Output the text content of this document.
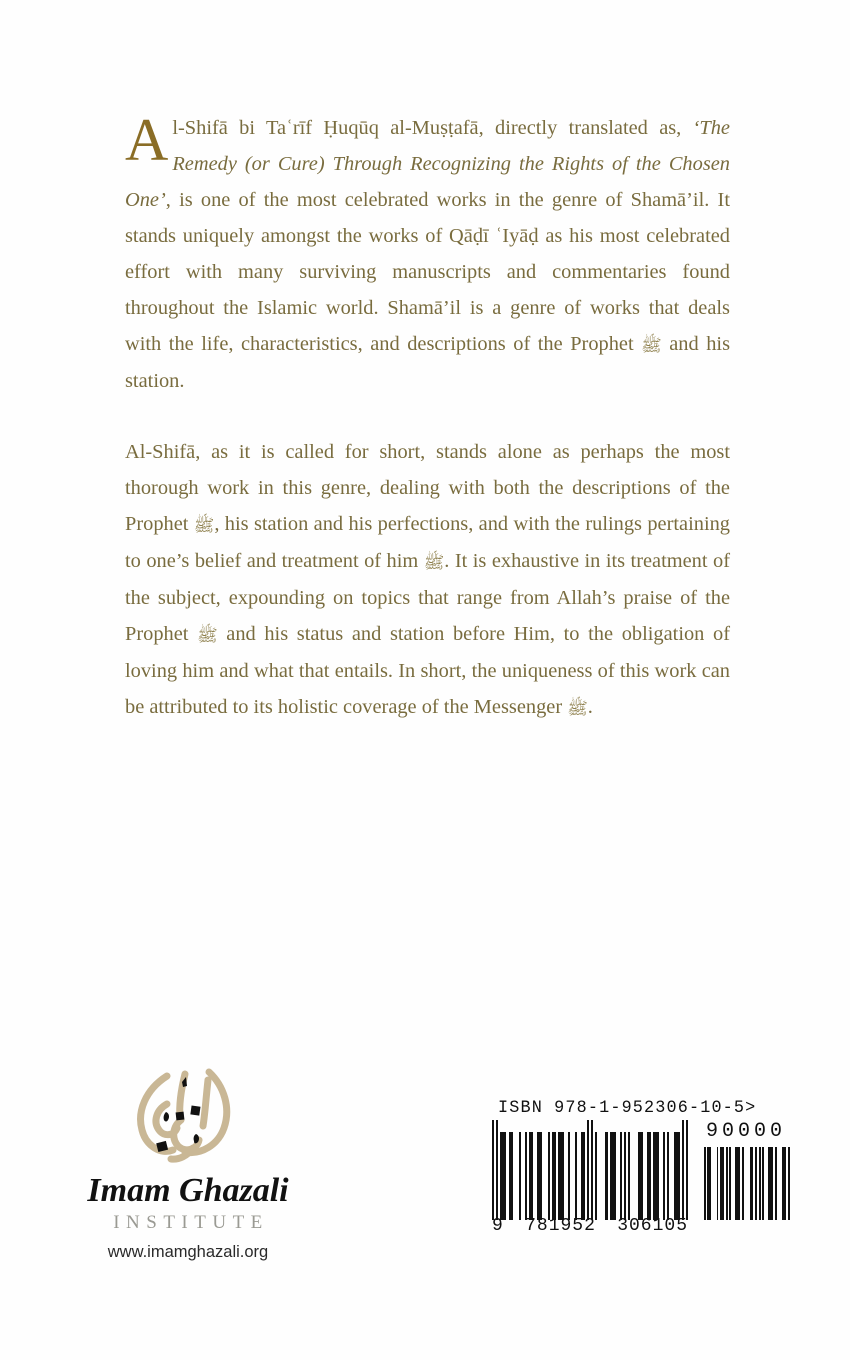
Al-Shifā bi Taʿrīf Ḥuqūq al-Muṣṭafā, directly translated as, ‘The Remedy (or Cure) Through Recognizing the Rights of the Chosen One’, is one of the most celebrated works in the genre of Shamā’il. It stands uniquely amongst the works of Qāḍī ʿIyāḍ as his most celebrated effort with many surviving manuscripts and commentaries found throughout the Islamic world. Shamā’il is a genre of works that deals with the life, characteristics, and descriptions of the Prophet ﷺ and his station.

Al-Shifā, as it is called for short, stands alone as perhaps the most thorough work in this genre, dealing with both the descriptions of the Prophet ﷺ, his station and his perfections, and with the rulings pertaining to one’s belief and treatment of him ﷺ. It is exhaustive in its treatment of the subject, expounding on topics that range from Allah’s praise of the Prophet ﷺ and his status and station before Him, to the obligation of loving him and what that entails. In short, the uniqueness of this work can be attributed to its holistic coverage of the Messenger ﷺ.

Imam Ghazali

INSTITUTE

www.imamghazali.org

ISBN 978-1-952306-10-5>
9 781952 306105
90000
